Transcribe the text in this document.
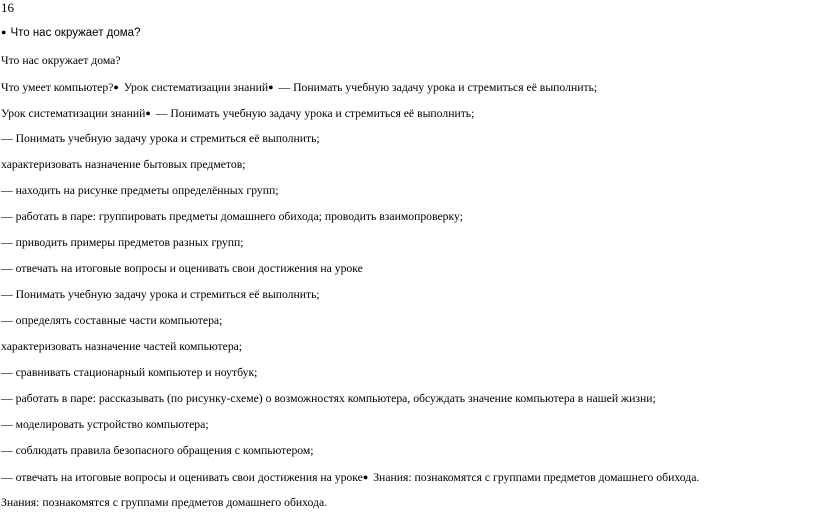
16
● Что нас окружает дома?
Что нас окружает дома?
Что умеет компьютер?● Урок систематизации знаний● — Понимать учебную задачу урока и стремиться её выполнить;
Урок систематизации знаний● — Понимать учебную задачу урока и стремиться её выполнить;
— Понимать учебную задачу урока и стремиться её выполнить;
характеризовать назначение бытовых предметов;
— находить на рисунке предметы определённых групп;
— работать в паре: группировать предметы домашнего обихода; проводить взаимопроверку;
— приводить примеры предметов разных групп;
— отвечать на итоговые вопросы и оценивать свои достижения на уроке
— Понимать учебную задачу урока и стремиться её выполнить;
— определять составные части компьютера;
характеризовать назначение частей компьютера;
— сравнивать стационарный компьютер и ноутбук;
— работать в паре: рассказывать (по рисунку-схеме) о возможностях компьютера, обсуждать значение компьютера в нашей жизни;
— моделировать устройство компьютера;
— соблюдать правила безопасного обращения с компьютером;
— отвечать на итоговые вопросы и оценивать свои достижения на уроке● Знания: познакомятся с группами предметов домашнего обихода.
Знания: познакомятся с группами предметов домашнего обихода.
